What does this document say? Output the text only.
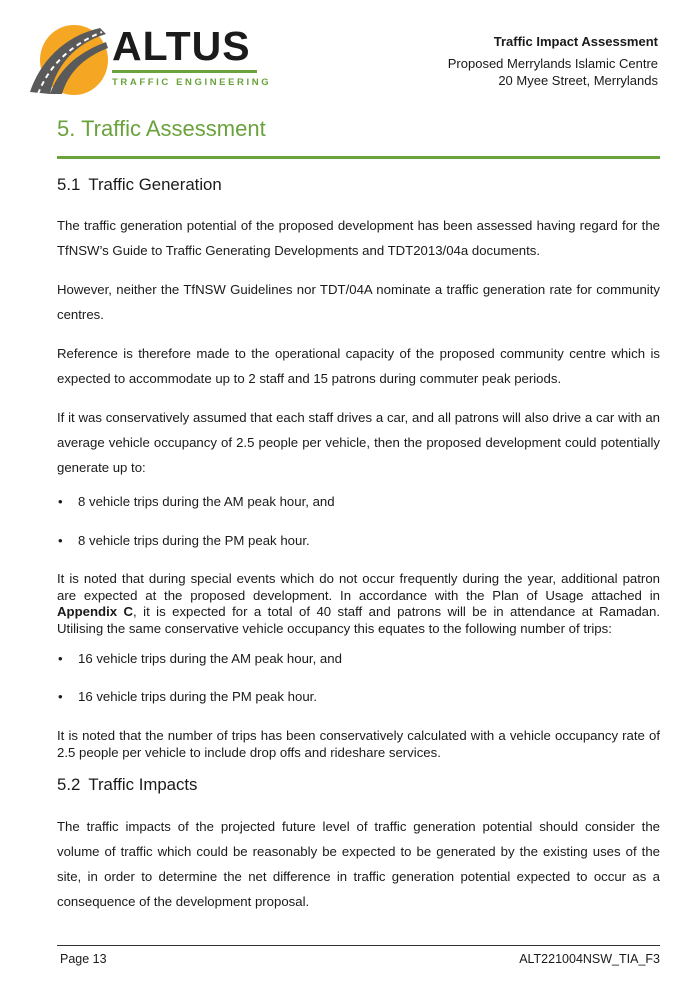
ALTUS
TRAFFIC ENGINEERING
Traffic Impact Assessment
Proposed Merrylands Islamic Centre
20 Myee Street, Merrylands
5. Traffic Assessment
5.1 Traffic Generation

The traffic generation potential of the proposed development has been assessed having regard for the TfNSW’s Guide to Traffic Generating Developments and TDT2013/04a documents.

However, neither the TfNSW Guidelines nor TDT/04A nominate a traffic generation rate for community centres.

Reference is therefore made to the operational capacity of the proposed community centre which is expected to accommodate up to 2 staff and 15 patrons during commuter peak periods.

If it was conservatively assumed that each staff drives a car, and all patrons will also drive a car with an average vehicle occupancy of 2.5 people per vehicle, then the proposed development could potentially generate up to:

• 8 vehicle trips during the AM peak hour, and
• 8 vehicle trips during the PM peak hour.

It is noted that during special events which do not occur frequently during the year, additional patron are expected at the proposed development. In accordance with the Plan of Usage attached in Appendix C, it is expected for a total of 40 staff and patrons will be in attendance at Ramadan. Utilising the same conservative vehicle occupancy this equates to the following number of trips:

• 16 vehicle trips during the AM peak hour, and
• 16 vehicle trips during the PM peak hour.

It is noted that the number of trips has been conservatively calculated with a vehicle occupancy rate of 2.5 people per vehicle to include drop offs and rideshare services.

5.2 Traffic Impacts

The traffic impacts of the projected future level of traffic generation potential should consider the volume of traffic which could be reasonably be expected to be generated by the existing uses of the site, in order to determine the net difference in traffic generation potential expected to occur as a consequence of the development proposal.

Page 13	ALT221004NSW_TIA_F3
